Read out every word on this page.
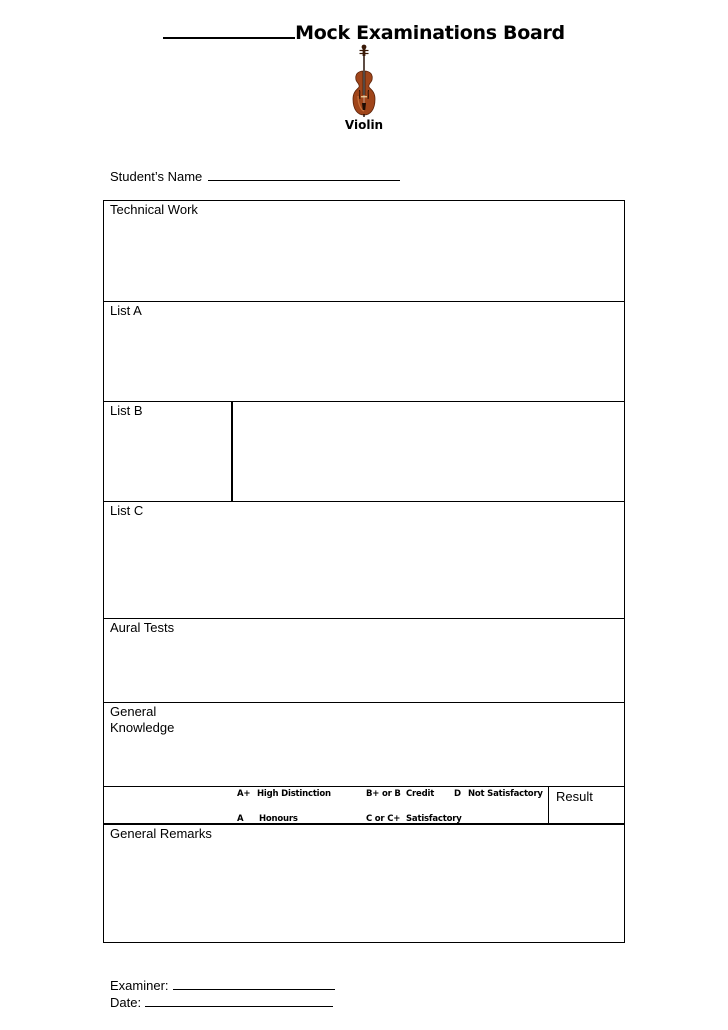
Mock Examinations Board
Violin
Student’s Name
Technical Work
List A
List B
List C
Aural Tests
General
Knowledge
A+ High Distinction
A Honours
B+ or B Credit
C or C+ Satisfactory
D Not Satisfactory Result
General Remarks
Examiner:
Date:
